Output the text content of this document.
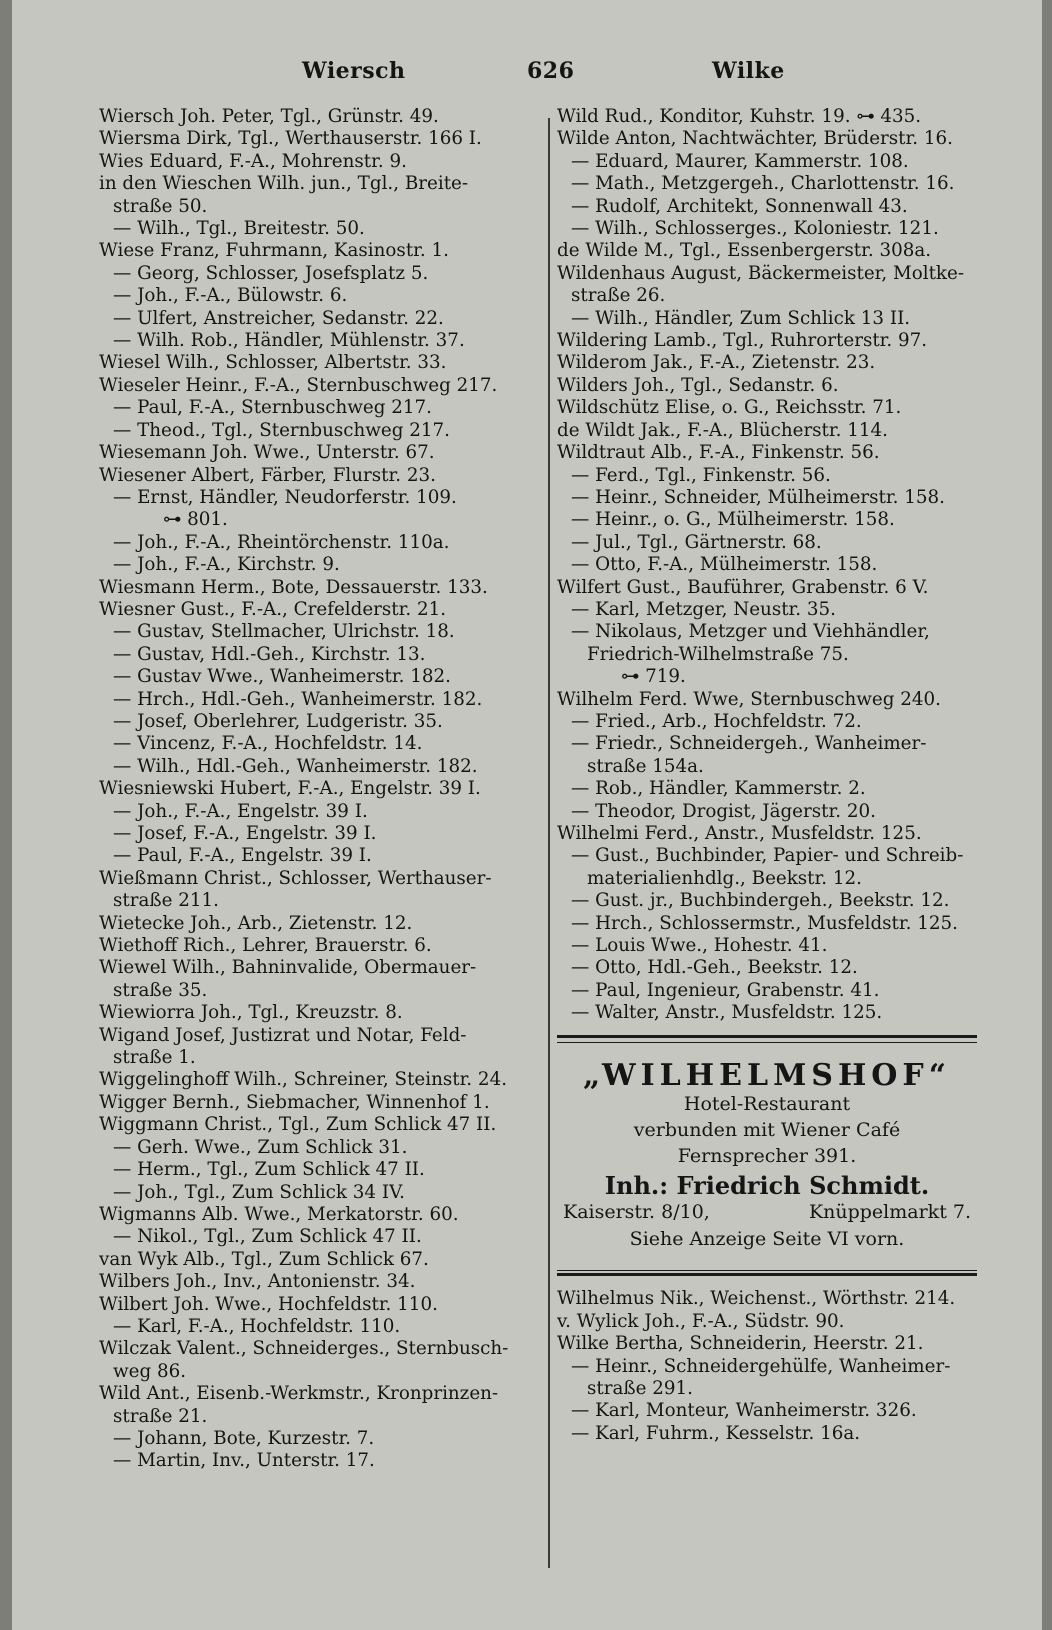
Wiersch	626	Wilke
Wiersch Joh. Peter, Tgl., Grünstr. 49.
Wiersma Dirk, Tgl., Werthauserstr. 166 I.
Wies Eduard, F.-A., Mohrenstr. 9.
in den Wieschen Wilh. jun., Tgl., Breite-
straße 50.
— Wilh., Tgl., Breitestr. 50.
Wiese Franz, Fuhrmann, Kasinostr. 1.
— Georg, Schlosser, Josefsplatz 5.
— Joh., F.-A., Bülowstr. 6.
— Ulfert, Anstreicher, Sedanstr. 22.
— Wilh. Rob., Händler, Mühlenstr. 37.
Wiesel Wilh., Schlosser, Albertstr. 33.
Wieseler Heinr., F.-A., Sternbuschweg 217.
— Paul, F.-A., Sternbuschweg 217.
— Theod., Tgl., Sternbuschweg 217.
Wiesemann Joh. Wwe., Unterstr. 67.
Wiesener Albert, Färber, Flurstr. 23.
— Ernst, Händler, Neudorferstr. 109.
⊶ 801.
— Joh., F.-A., Rheintörchenstr. 110a.
— Joh., F.-A., Kirchstr. 9.
Wiesmann Herm., Bote, Dessauerstr. 133.
Wiesner Gust., F.-A., Crefelderstr. 21.
— Gustav, Stellmacher, Ulrichstr. 18.
— Gustav, Hdl.-Geh., Kirchstr. 13.
— Gustav Wwe., Wanheimerstr. 182.
— Hrch., Hdl.-Geh., Wanheimerstr. 182.
— Josef, Oberlehrer, Ludgeristr. 35.
— Vincenz, F.-A., Hochfeldstr. 14.
— Wilh., Hdl.-Geh., Wanheimerstr. 182.
Wiesniewski Hubert, F.-A., Engelstr. 39 I.
— Joh., F.-A., Engelstr. 39 I.
— Josef, F.-A., Engelstr. 39 I.
— Paul, F.-A., Engelstr. 39 I.
Wießmann Christ., Schlosser, Werthauser-
straße 211.
Wietecke Joh., Arb., Zietenstr. 12.
Wiethoff Rich., Lehrer, Brauerstr. 6.
Wiewel Wilh., Bahninvalide, Obermauer-
straße 35.
Wiewiorra Joh., Tgl., Kreuzstr. 8.
Wigand Josef, Justizrat und Notar, Feld-
straße 1.
Wiggelinghoff Wilh., Schreiner, Steinstr. 24.
Wigger Bernh., Siebmacher, Winnenhof 1.
Wiggmann Christ., Tgl., Zum Schlick 47 II.
— Gerh. Wwe., Zum Schlick 31.
— Herm., Tgl., Zum Schlick 47 II.
— Joh., Tgl., Zum Schlick 34 IV.
Wigmanns Alb. Wwe., Merkatorstr. 60.
— Nikol., Tgl., Zum Schlick 47 II.
van Wyk Alb., Tgl., Zum Schlick 67.
Wilbers Joh., Inv., Antonienstr. 34.
Wilbert Joh. Wwe., Hochfeldstr. 110.
— Karl, F.-A., Hochfeldstr. 110.
Wilczak Valent., Schneiderges., Sternbusch-
weg 86.
Wild Ant., Eisenb.-Werkmstr., Kronprinzen-
straße 21.
— Johann, Bote, Kurzestr. 7.
— Martin, Inv., Unterstr. 17.
Wild Rud., Konditor, Kuhstr. 19. ⊶ 435.
Wilde Anton, Nachtwächter, Brüderstr. 16.
— Eduard, Maurer, Kammerstr. 108.
— Math., Metzgergeh., Charlottenstr. 16.
— Rudolf, Architekt, Sonnenwall 43.
— Wilh., Schlosserges., Koloniestr. 121.
de Wilde M., Tgl., Essenbergerstr. 308a.
Wildenhaus August, Bäckermeister, Moltke-
straße 26.
— Wilh., Händler, Zum Schlick 13 II.
Wildering Lamb., Tgl., Ruhrorterstr. 97.
Wilderom Jak., F.-A., Zietenstr. 23.
Wilders Joh., Tgl., Sedanstr. 6.
Wildschütz Elise, o. G., Reichsstr. 71.
de Wildt Jak., F.-A., Blücherstr. 114.
Wildtraut Alb., F.-A., Finkenstr. 56.
— Ferd., Tgl., Finkenstr. 56.
— Heinr., Schneider, Mülheimerstr. 158.
— Heinr., o. G., Mülheimerstr. 158.
— Jul., Tgl., Gärtnerstr. 68.
— Otto, F.-A., Mülheimerstr. 158.
Wilfert Gust., Bauführer, Grabenstr. 6 V.
— Karl, Metzger, Neustr. 35.
— Nikolaus, Metzger und Viehhändler,
Friedrich-Wilhelmstraße 75.
⊶ 719.
Wilhelm Ferd. Wwe, Sternbuschweg 240.
— Fried., Arb., Hochfeldstr. 72.
— Friedr., Schneidergeh., Wanheimer-
straße 154a.
— Rob., Händler, Kammerstr. 2.
— Theodor, Drogist, Jägerstr. 20.
Wilhelmi Ferd., Anstr., Musfeldstr. 125.
— Gust., Buchbinder, Papier- und Schreib-
materialienhdlg., Beekstr. 12.
— Gust. jr., Buchbindergeh., Beekstr. 12.
— Hrch., Schlossermstr., Musfeldstr. 125.
— Louis Wwe., Hohestr. 41.
— Otto, Hdl.-Geh., Beekstr. 12.
— Paul, Ingenieur, Grabenstr. 41.
— Walter, Anstr., Musfeldstr. 125.
„WILHELMSHOF“
Hotel-Restaurant
verbunden mit Wiener Café
Fernsprecher 391.
Inh.: Friedrich Schmidt.
Kaiserstr. 8/10,	Knüppelmarkt 7.
Siehe Anzeige Seite VI vorn.
Wilhelmus Nik., Weichenst., Wörthstr. 214.
v. Wylick Joh., F.-A., Südstr. 90.
Wilke Bertha, Schneiderin, Heerstr. 21.
— Heinr., Schneidergehülfe, Wanheimer-
straße 291.
— Karl, Monteur, Wanheimerstr. 326.
— Karl, Fuhrm., Kesselstr. 16a.
